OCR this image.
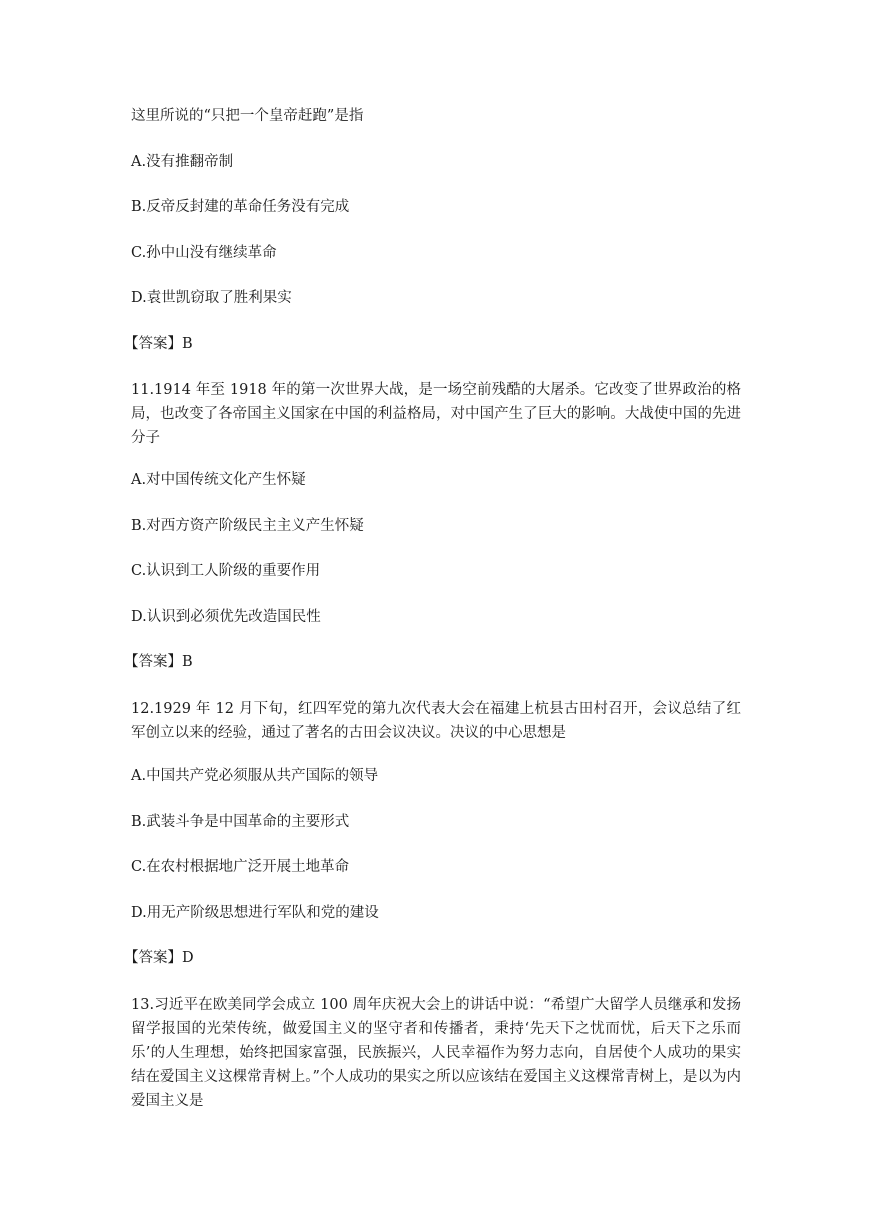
这里所说的“只把一个皇帝赶跑”是指
A.没有推翻帝制
B.反帝反封建的革命任务没有完成
C.孙中山没有继续革命
D.袁世凯窃取了胜利果实
【答案】B
11.1914 年至 1918 年的第一次世界大战，是一场空前残酷的大屠杀。它改变了世界政治的格局，也改变了各帝国主义国家在中国的利益格局，对中国产生了巨大的影响。大战使中国的先进分子
A.对中国传统文化产生怀疑
B.对西方资产阶级民主主义产生怀疑
C.认识到工人阶级的重要作用
D.认识到必须优先改造国民性
【答案】B
12.1929 年 12 月下旬，红四军党的第九次代表大会在福建上杭县古田村召开，会议总结了红军创立以来的经验，通过了著名的古田会议决议。决议的中心思想是
A.中国共产党必须服从共产国际的领导
B.武装斗争是中国革命的主要形式
C.在农村根据地广泛开展土地革命
D.用无产阶级思想进行军队和党的建设
【答案】D
13.习近平在欧美同学会成立 100 周年庆祝大会上的讲话中说：“希望广大留学人员继承和发扬留学报国的光荣传统，做爱国主义的坚守者和传播者，秉持‘先天下之忧而忧，后天下之乐而乐’的人生理想，始终把国家富强，民族振兴，人民幸福作为努力志向，自居使个人成功的果实结在爱国主义这棵常青树上。”个人成功的果实之所以应该结在爱国主义这棵常青树上，是以为内爱国主义是
